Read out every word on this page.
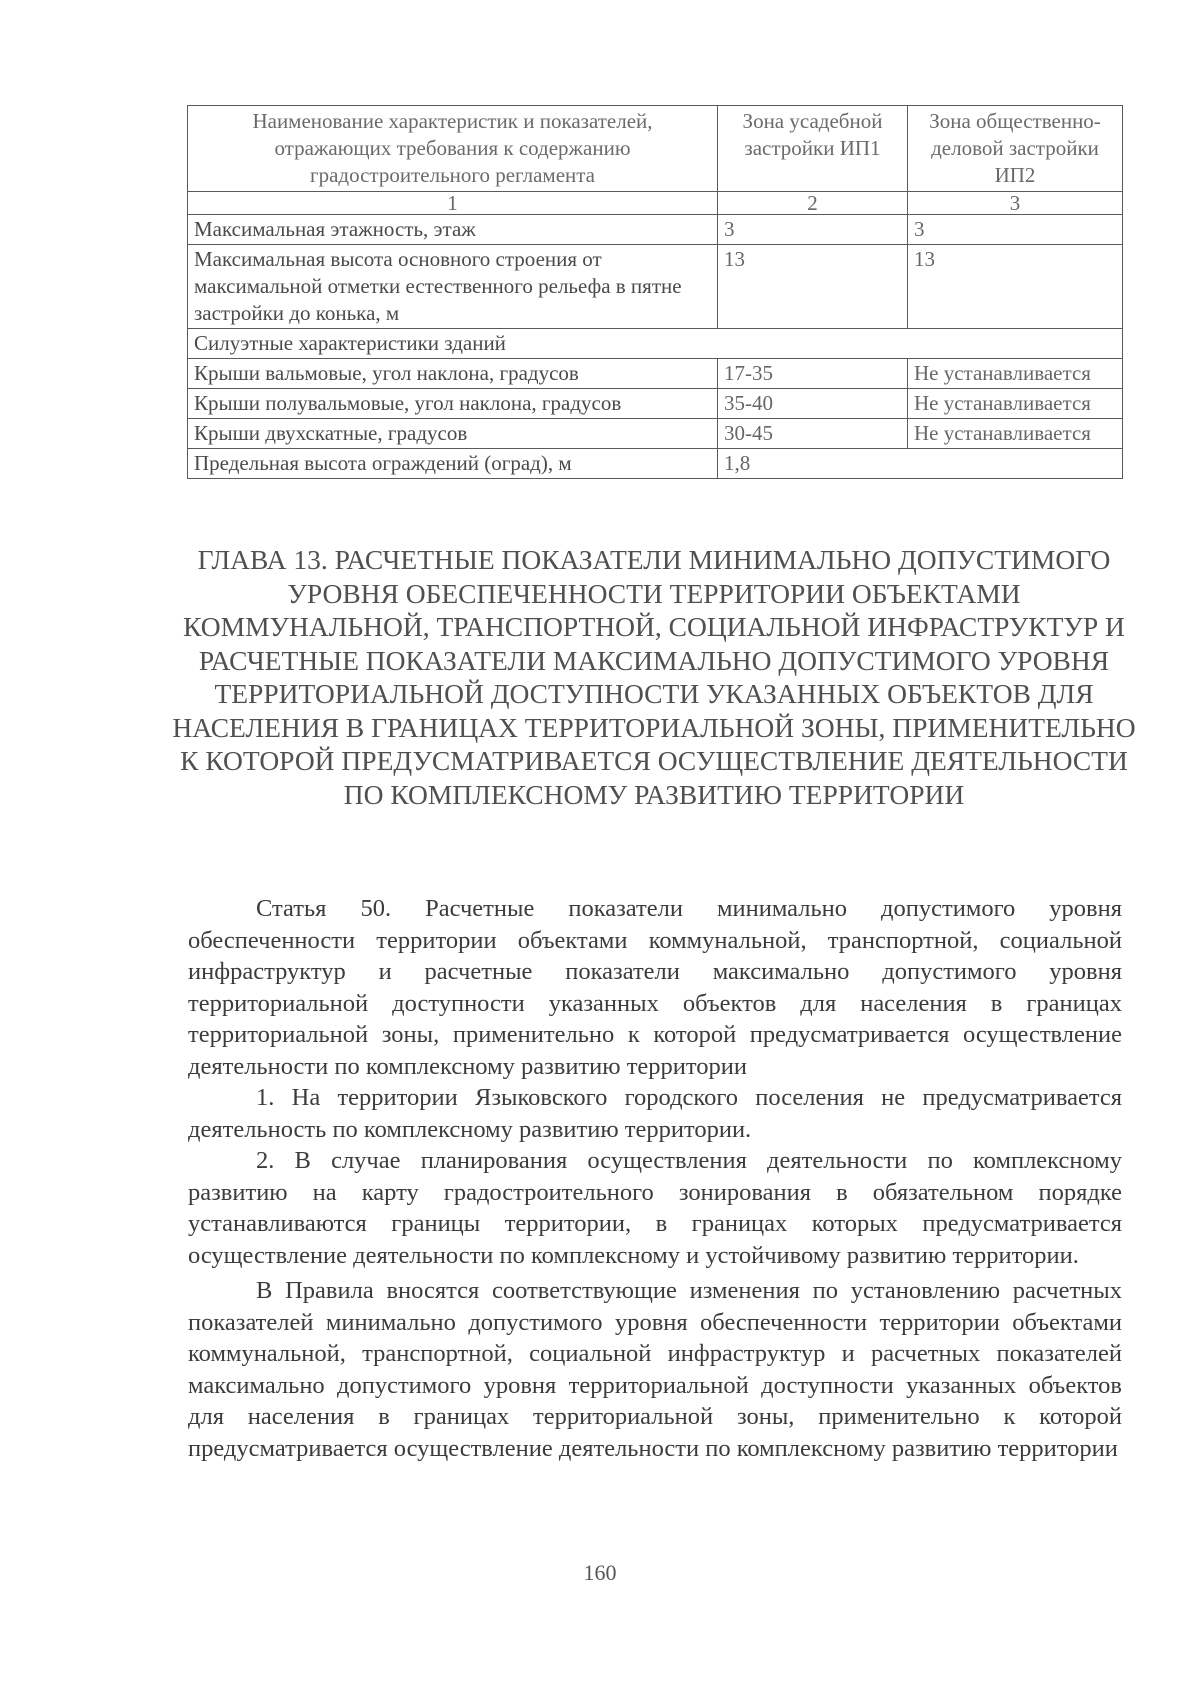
Наименование характеристик и показателей, отражающих требования к содержанию градостроительного регламента	Зона усадебной застройки ИП1	Зона общественно-деловой застройки ИП2
1	2	3
Максимальная этажность, этаж	3	3
Максимальная высота основного строения от максимальной отметки естественного рельефа в пятне застройки до конька, м	13	13
Силуэтные характеристики зданий		
Крыши вальмовые, угол наклона, градусов	17-35	Не устанавливается
Крыши полувальмовые, угол наклона, градусов	35-40	Не устанавливается
Крыши двухскатные, градусов	30-45	Не устанавливается
Предельная высота ограждений (оград), м	1,8	
ГЛАВА 13. РАСЧЕТНЫЕ ПОКАЗАТЕЛИ МИНИМАЛЬНО ДОПУСТИМОГО УРОВНЯ ОБЕСПЕЧЕННОСТИ ТЕРРИТОРИИ ОБЪЕКТАМИ КОММУНАЛЬНОЙ, ТРАНСПОРТНОЙ, СОЦИАЛЬНОЙ ИНФРАСТРУКТУР И РАСЧЕТНЫЕ ПОКАЗАТЕЛИ МАКСИМАЛЬНО ДОПУСТИМОГО УРОВНЯ ТЕРРИТОРИАЛЬНОЙ ДОСТУПНОСТИ УКАЗАННЫХ ОБЪЕКТОВ ДЛЯ НАСЕЛЕНИЯ В ГРАНИЦАХ ТЕРРИТОРИАЛЬНОЙ ЗОНЫ, ПРИМЕНИТЕЛЬНО К КОТОРОЙ ПРЕДУСМАТРИВАЕТСЯ ОСУЩЕСТВЛЕНИЕ ДЕЯТЕЛЬНОСТИ ПО КОМПЛЕКСНОМУ РАЗВИТИЮ ТЕРРИТОРИИ

Статья 50. Расчетные показатели минимально допустимого уровня обеспеченности территории объектами коммунальной, транспортной, социальной инфраструктур и расчетные показатели максимально допустимого уровня территориальной доступности указанных объектов для населения в границах территориальной зоны, применительно к которой предусматривается осуществление деятельности по комплексному развитию территории

1. На территории Языковского городского поселения не предусматривается деятельность по комплексному развитию территории.

2. В случае планирования осуществления деятельности по комплексному развитию на карту градостроительного зонирования в обязательном порядке устанавливаются границы территории, в границах которых предусматривается осуществление деятельности по комплексному и устойчивому развитию территории.

В Правила вносятся соответствующие изменения по установлению расчетных показателей минимально допустимого уровня обеспеченности территории объектами коммунальной, транспортной, социальной инфраструктур и расчетных показателей максимально допустимого уровня территориальной доступности указанных объектов для населения в границах территориальной зоны, применительно к которой предусматривается осуществление деятельности по комплексному развитию территории

160
